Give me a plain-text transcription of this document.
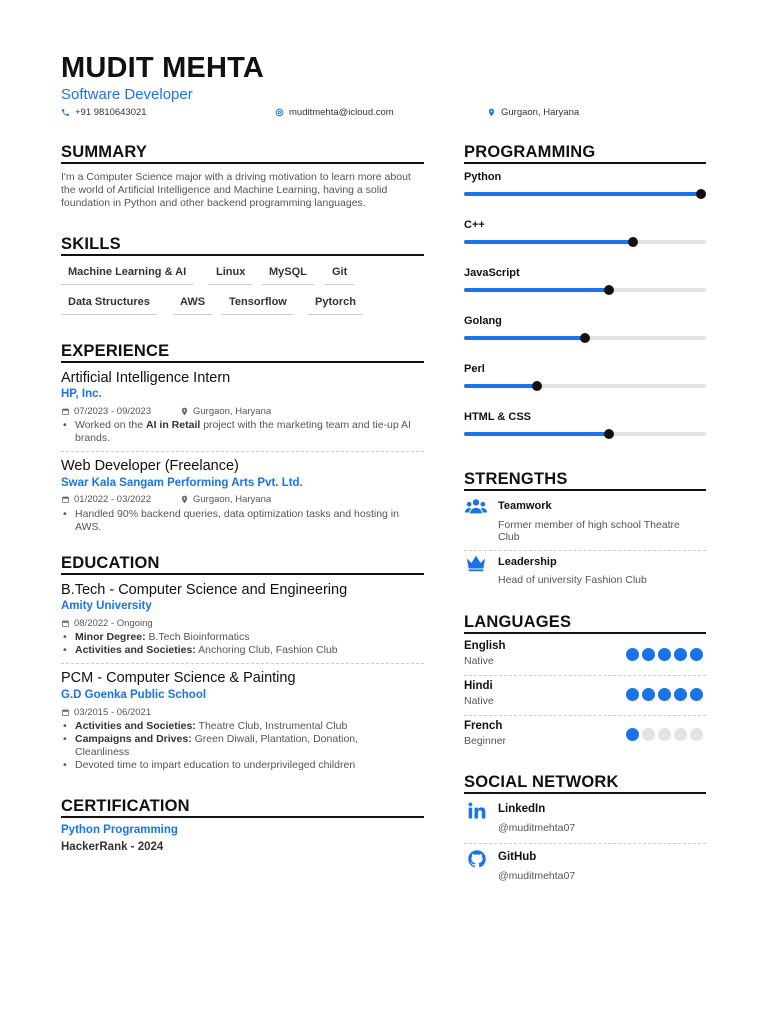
MUDIT MEHTA
Software Developer
+91 9810643021	muditmehta@icloud.com	Gurgaon, Haryana
SUMMARY
I'm a Computer Science major with a driving motivation to learn more about the world of Artificial Intelligence and Machine Learning, having a solid foundation in Python and other backend programming languages.
SKILLS
Machine Learning & AI	Linux	MySQL	Git
Data Structures	AWS	Tensorflow	Pytorch
EXPERIENCE
Artificial Intelligence Intern
HP, Inc.
07/2023 - 09/2023	Gurgaon, Haryana
• Worked on the AI in Retail project with the marketing team and tie-up AI brands.
Web Developer (Freelance)
Swar Kala Sangam Performing Arts Pvt. Ltd.
01/2022 - 03/2022	Gurgaon, Haryana
• Handled 90% backend queries, data optimization tasks and hosting in AWS.
EDUCATION
B.Tech - Computer Science and Engineering
Amity University
08/2022 - Ongoing
• Minor Degree: B.Tech Bioinformatics
• Activities and Societies: Anchoring Club, Fashion Club
PCM - Computer Science & Painting
G.D Goenka Public School
03/2015 - 06/2021
• Activities and Societies: Theatre Club, Instrumental Club
• Campaigns and Drives: Green Diwali, Plantation, Donation, Cleanliness
• Devoted time to impart education to underprivileged children
CERTIFICATION
Python Programming
HackerRank - 2024
PROGRAMMING
Python
C++
JavaScript
Golang
Perl
HTML & CSS
STRENGTHS
Teamwork
Former member of high school Theatre Club
Leadership
Head of university Fashion Club
LANGUAGES
English
Native
Hindi
Native
French
Beginner
SOCIAL NETWORK
LinkedIn
@muditmehta07
GitHub
@muditmehta07
